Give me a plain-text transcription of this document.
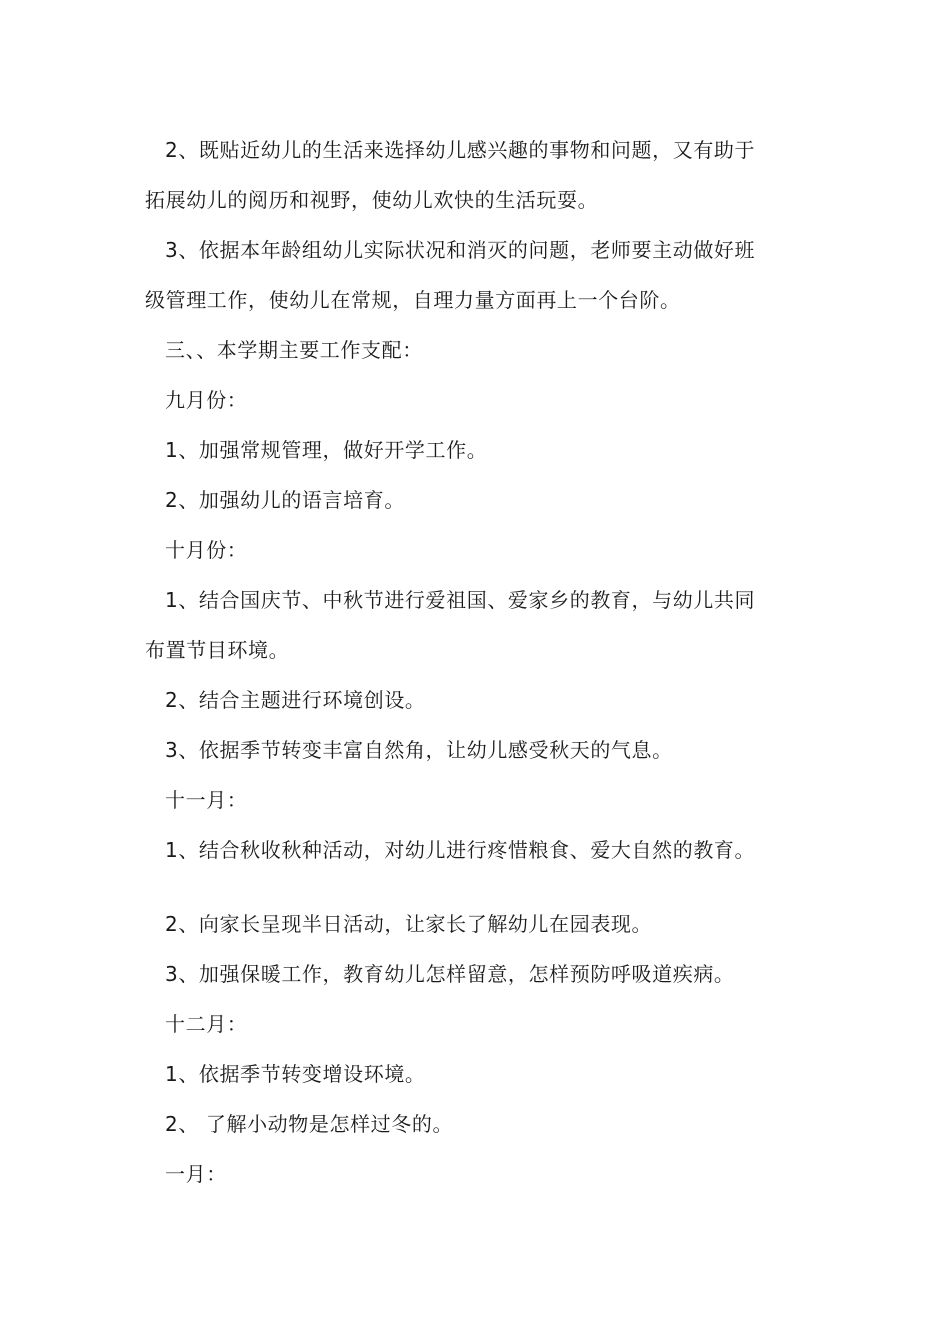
2、既贴近幼儿的生活来选择幼儿感兴趣的事物和问题，又有助于
拓展幼儿的阅历和视野，使幼儿欢快的生活玩耍。
3、依据本年龄组幼儿实际状况和消灭的问题，老师要主动做好班
级管理工作，使幼儿在常规，自理力量方面再上一个台阶。
三、、本学期主要工作支配：
九月份：
1、加强常规管理，做好开学工作。
2、加强幼儿的语言培育。
十月份：
1、结合国庆节、中秋节进行爱祖国、爱家乡的教育，与幼儿共同
布置节目环境。
2、结合主题进行环境创设。
3、依据季节转变丰富自然角，让幼儿感受秋天的气息。
十一月：
1、结合秋收秋种活动，对幼儿进行疼惜粮食、爱大自然的教育。
2、向家长呈现半日活动，让家长了解幼儿在园表现。
3、加强保暖工作，教育幼儿怎样留意，怎样预防呼吸道疾病。
十二月：
1、依据季节转变增设环境。
2、 了解小动物是怎样过冬的。
一月：
